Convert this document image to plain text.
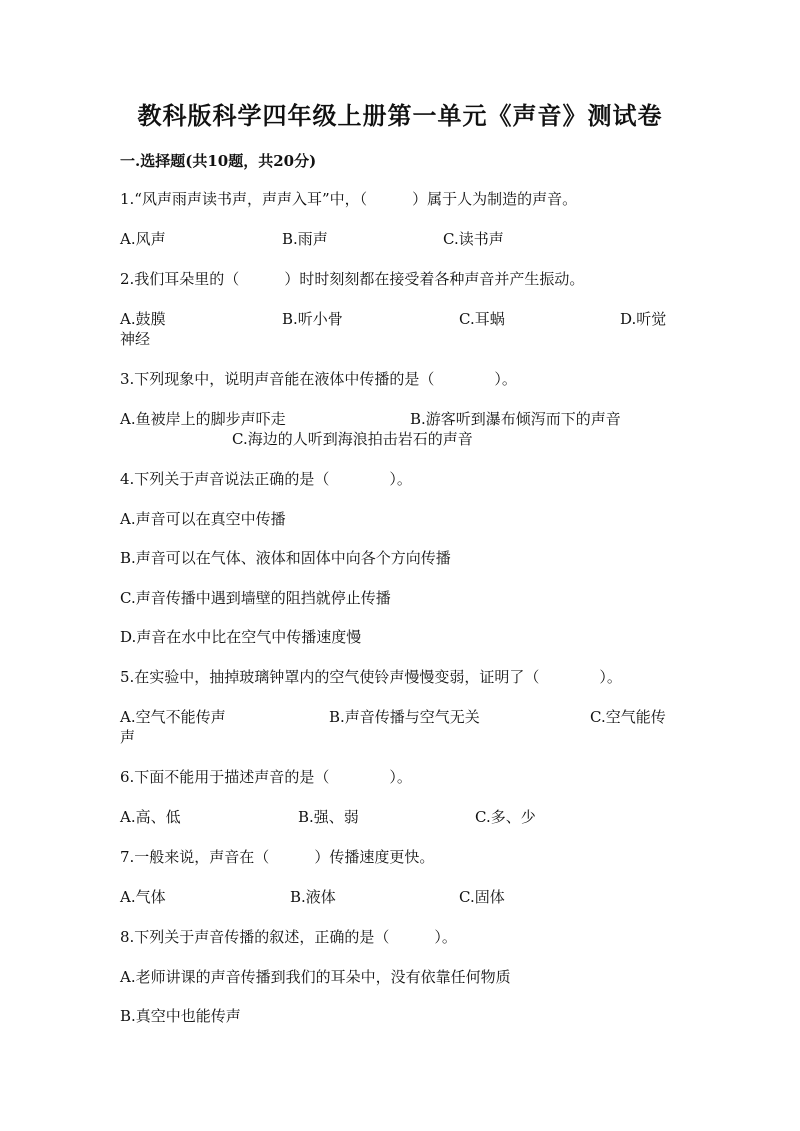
教科版科学四年级上册第一单元《声音》测试卷
一.选择题(共10题，共20分)
1.“风声雨声读书声，声声入耳”中，（　　　）属于人为制造的声音。
A.风声	B.雨声	C.读书声
2.我们耳朵里的（　　　）时时刻刻都在接受着各种声音并产生振动。
A.鼓膜	B.听小骨	C.耳蜗	D.听觉
神经
3.下列现象中，说明声音能在液体中传播的是（　　　　）。
A.鱼被岸上的脚步声吓走	B.游客听到瀑布倾泻而下的声音
C.海边的人听到海浪拍击岩石的声音
4.下列关于声音说法正确的是（　　　　）。
A.声音可以在真空中传播
B.声音可以在气体、液体和固体中向各个方向传播
C.声音传播中遇到墙壁的阻挡就停止传播
D.声音在水中比在空气中传播速度慢
5.在实验中，抽掉玻璃钟罩内的空气使铃声慢慢变弱，证明了（　　　　）。
A.空气不能传声	B.声音传播与空气无关	C.空气能传
声
6.下面不能用于描述声音的是（　　　　）。
A.高、低	B.强、弱	C.多、少
7.一般来说，声音在（　　　）传播速度更快。
A.气体	B.液体	C.固体
8.下列关于声音传播的叙述，正确的是（　　　）。
A.老师讲课的声音传播到我们的耳朵中，没有依靠任何物质
B.真空中也能传声
